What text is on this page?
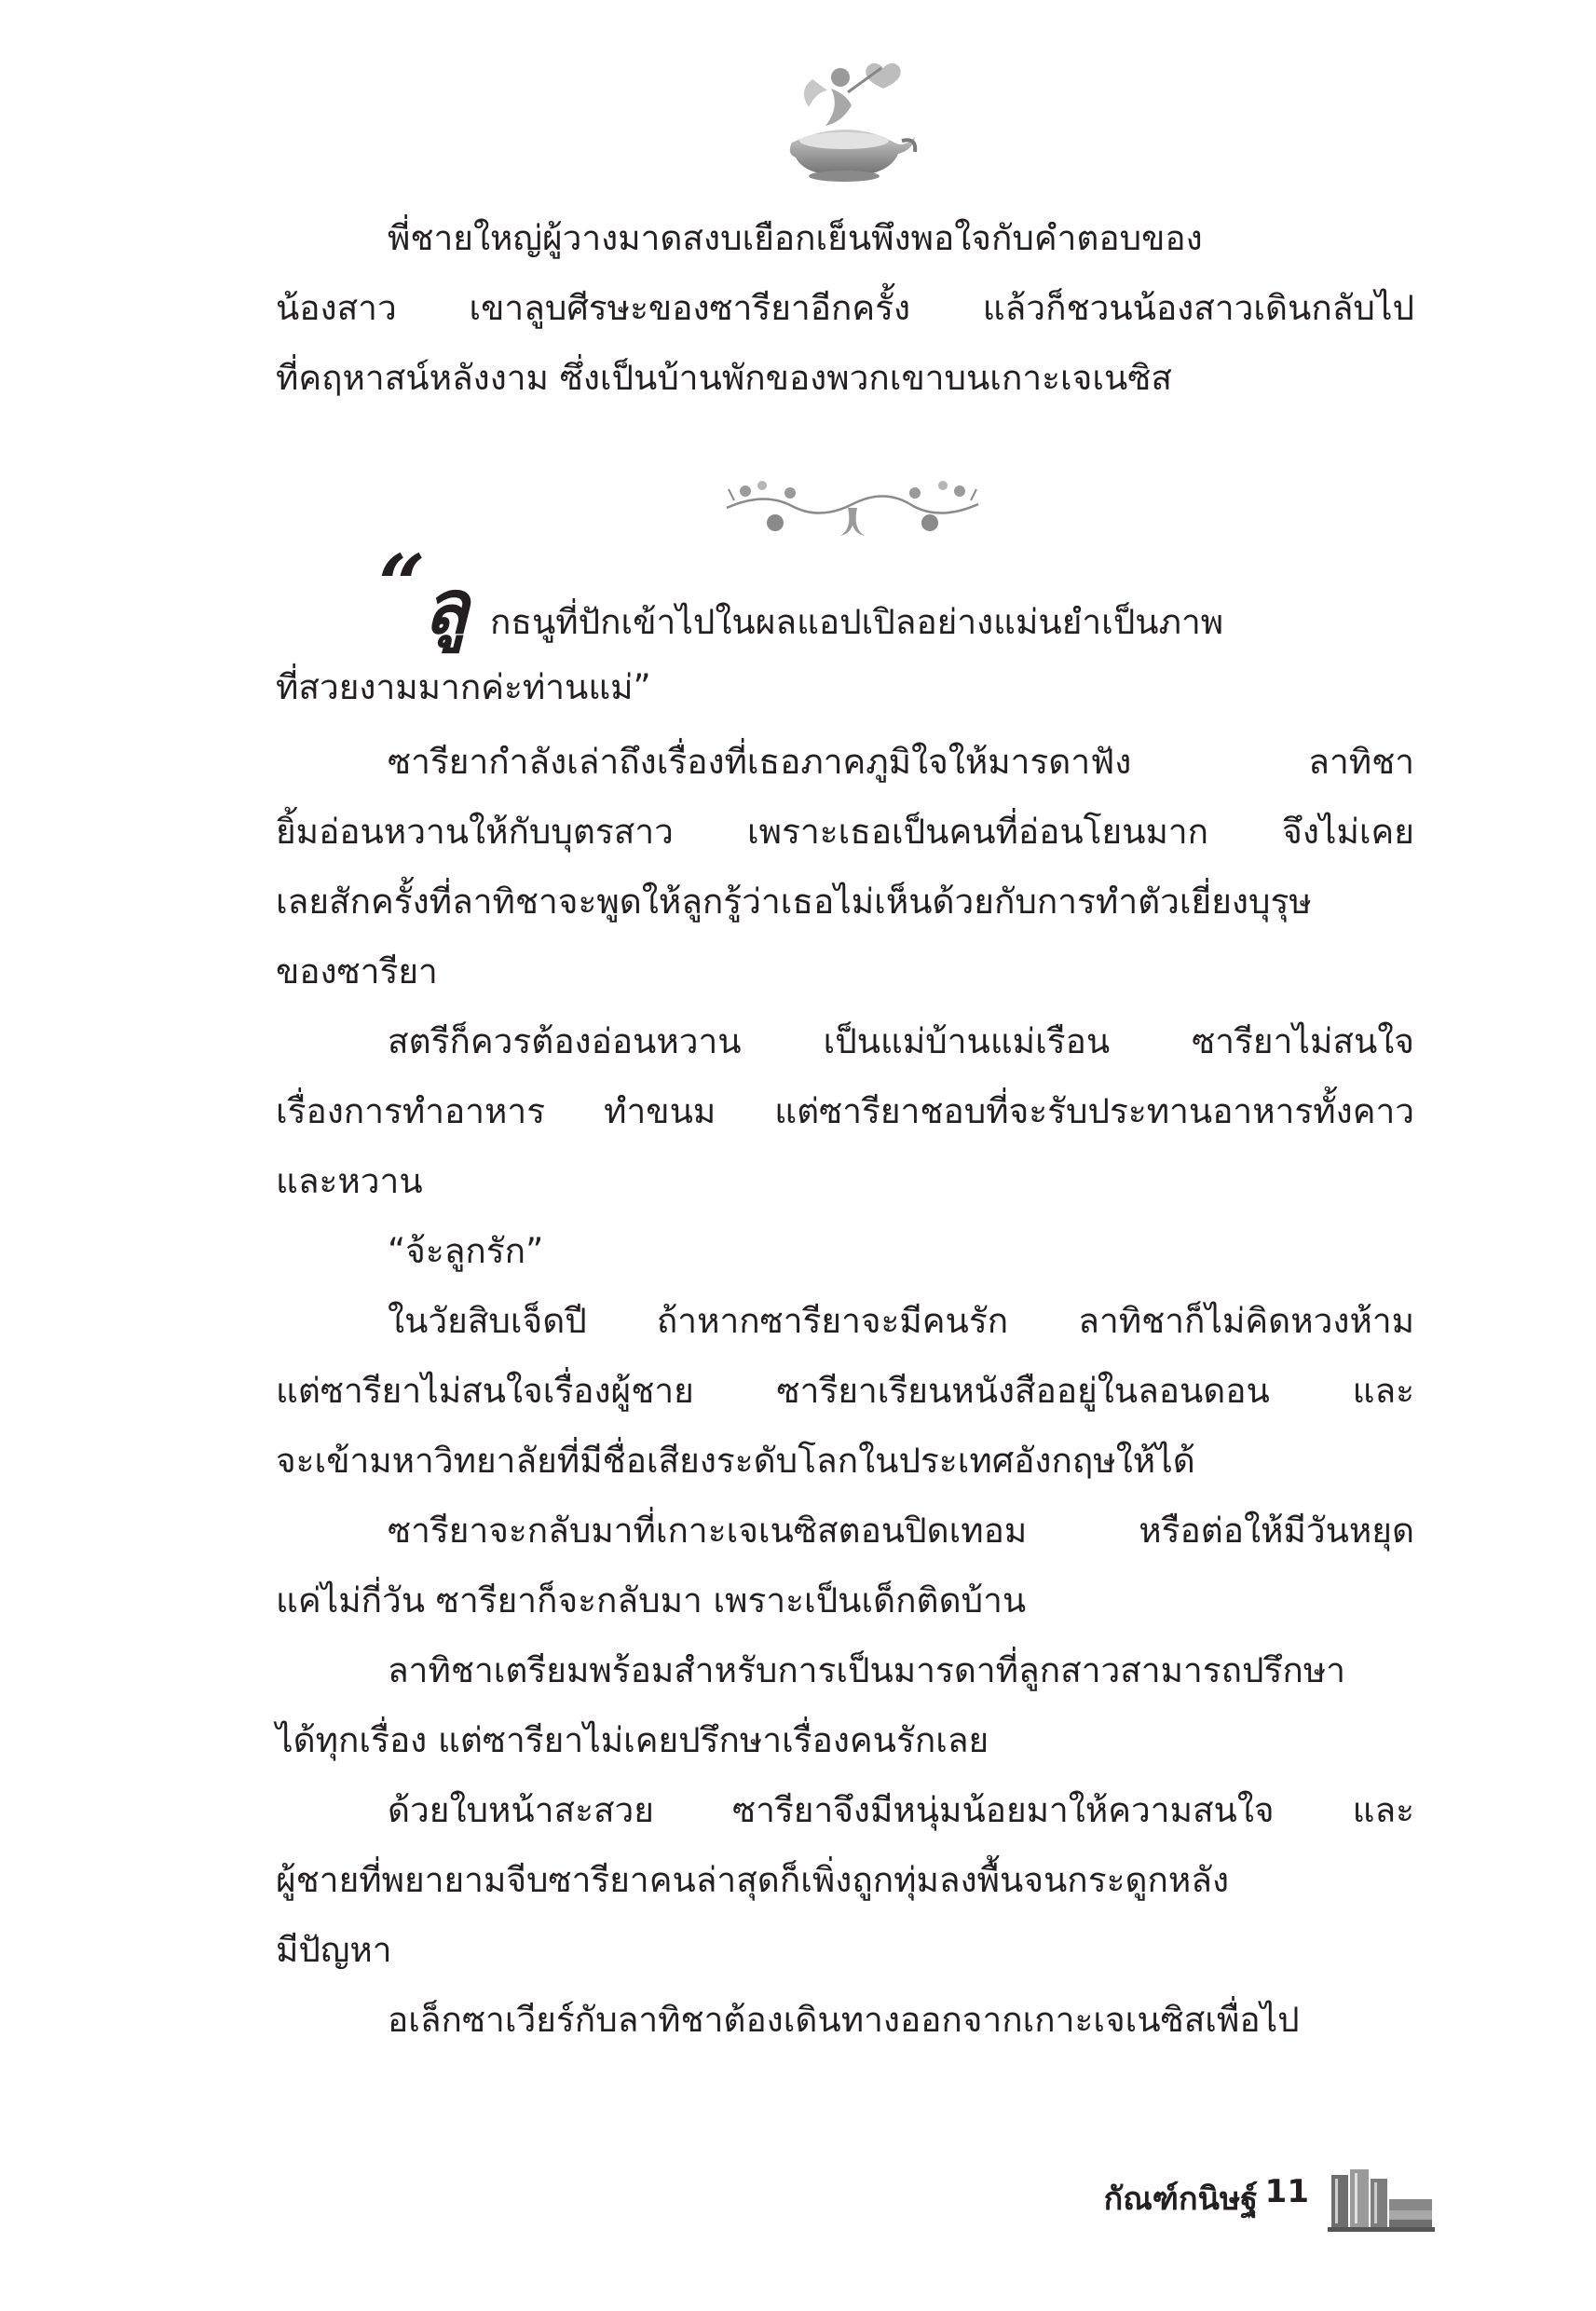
พี่ชายใหญ่ผู้วางมาดสงบเยือกเย็นพึงพอใจกับคำตอบของ
น้องสาว เขาลูบศีรษะของซารียาอีกครั้ง แล้วก็ชวนน้องสาวเดินกลับไป
ที่คฤหาสน์หลังงาม ซึ่งเป็นบ้านพักของพวกเขาบนเกาะเจเนซิส

“
ลู กธนูที่ปักเข้าไปในผลแอปเปิลอย่างแม่นยำเป็นภาพ
ที่สวยงามมากค่ะท่านแม่”

ซารียากำลังเล่าถึงเรื่องที่เธอภาคภูมิใจให้มารดาฟัง ลาทิชา
ยิ้มอ่อนหวานให้กับบุตรสาว เพราะเธอเป็นคนที่อ่อนโยนมาก จึงไม่เคย
เลยสักครั้งที่ลาทิชาจะพูดให้ลูกรู้ว่าเธอไม่เห็นด้วยกับการทำตัวเยี่ยงบุรุษ
ของซารียา

สตรีก็ควรต้องอ่อนหวาน เป็นแม่บ้านแม่เรือน ซารียาไม่สนใจ
เรื่องการทำอาหาร ทำขนม แต่ซารียาชอบที่จะรับประทานอาหารทั้งคาว
และหวาน

“จ้ะลูกรัก”

ในวัยสิบเจ็ดปี ถ้าหากซารียาจะมีคนรัก ลาทิชาก็ไม่คิดหวงห้าม
แต่ซารียาไม่สนใจเรื่องผู้ชาย ซารียาเรียนหนังสืออยู่ในลอนดอน และ
จะเข้ามหาวิทยาลัยที่มีชื่อเสียงระดับโลกในประเทศอังกฤษให้ได้

ซารียาจะกลับมาที่เกาะเจเนซิสตอนปิดเทอม หรือต่อให้มีวันหยุด
แค่ไม่กี่วัน ซารียาก็จะกลับมา เพราะเป็นเด็กติดบ้าน

ลาทิชาเตรียมพร้อมสำหรับการเป็นมารดาที่ลูกสาวสามารถปรึกษา
ได้ทุกเรื่อง แต่ซารียาไม่เคยปรึกษาเรื่องคนรักเลย

ด้วยใบหน้าสะสวย ซารียาจึงมีหนุ่มน้อยมาให้ความสนใจ และ
ผู้ชายที่พยายามจีบซารียาคนล่าสุดก็เพิ่งถูกทุ่มลงพื้นจนกระดูกหลัง
มีปัญหา

อเล็กซาเวียร์กับลาทิชาต้องเดินทางออกจากเกาะเจเนซิสเพื่อไป

กัณฑ์กนิษฐ์ 11
